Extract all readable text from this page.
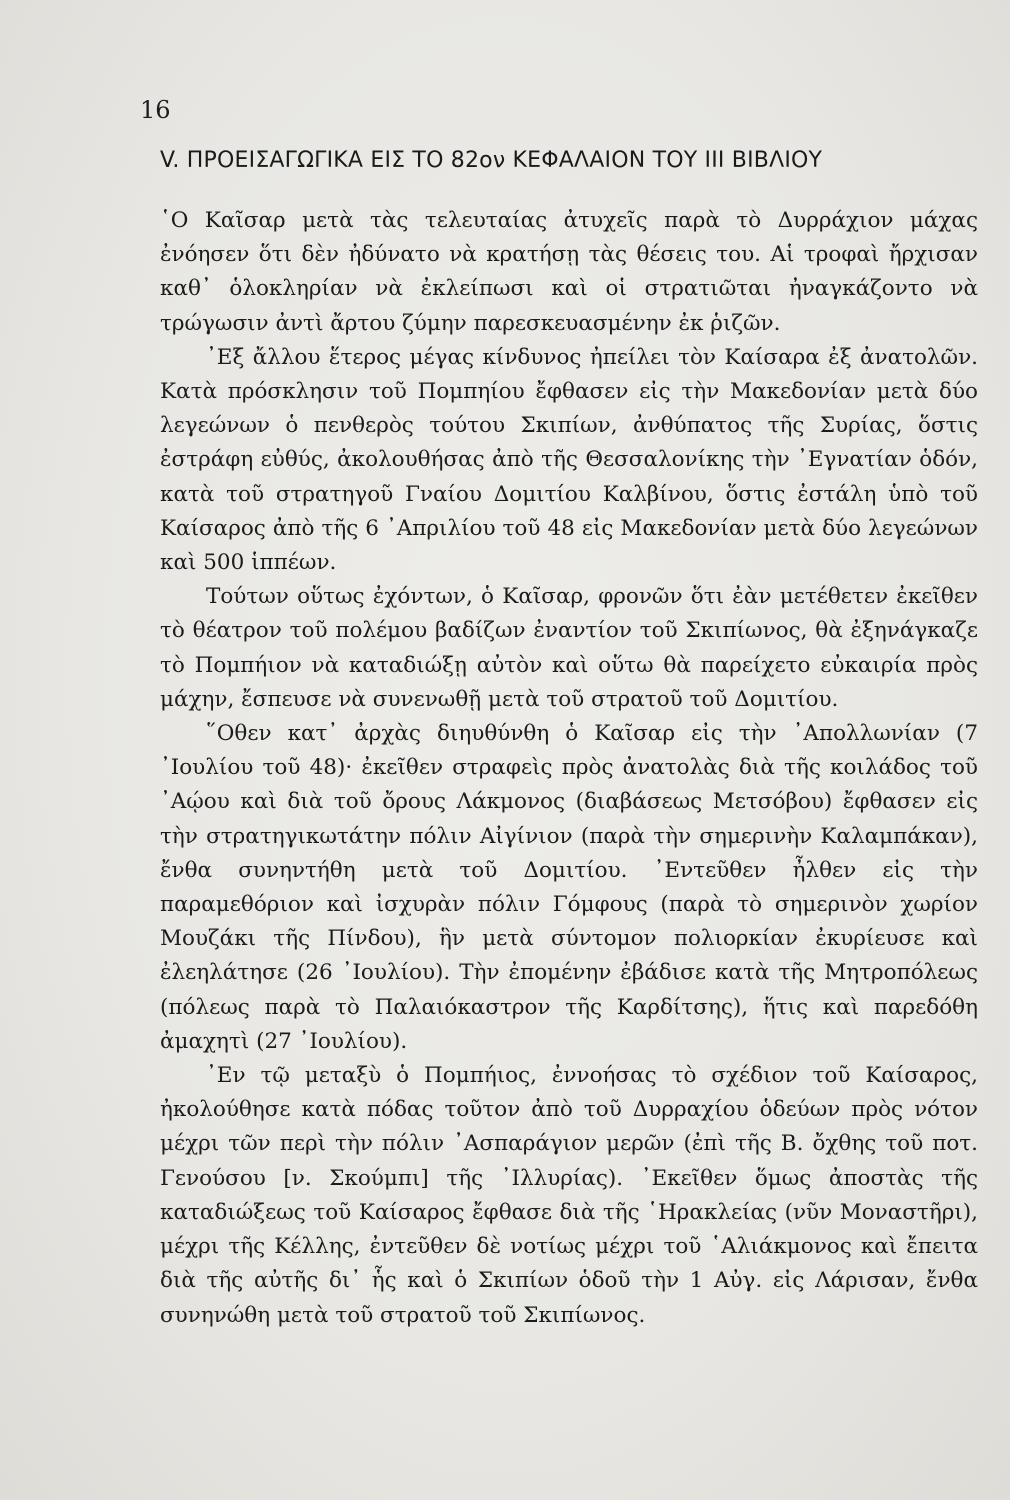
16
V. ΠΡΟΕΙΣΑΓΩΓΙΚΑ ΕΙΣ ΤΟ 82ον ΚΕΦΑΛΑΙΟΝ ΤΟΥ ΙΙΙ ΒΙΒΛΙΟΥ

῾Ο Καῖσαρ μετὰ τὰς τελευταίας ἀτυχεῖς παρὰ τὸ Δυρράχιον μάχας ἐνόησεν ὅτι δὲν ἠδύνατο νὰ κρατήσῃ τὰς θέσεις του. Αἱ τροφαὶ ἤρχισαν καθ᾿ ὁλοκληρίαν νὰ ἐκλείπωσι καὶ οἱ στρατιῶται ἠναγκάζοντο νὰ τρώγωσιν ἀντὶ ἄρτου ζύμην παρεσκευασμένην ἐκ ῥιζῶν.

᾿Εξ ἄλλου ἕτερος μέγας κίνδυνος ἠπείλει τὸν Καίσαρα ἐξ ἀνατολῶν. Κατὰ πρόσκλησιν τοῦ Πομπηίου ἔφθασεν εἰς τὴν Μακεδονίαν μετὰ δύο λεγεώνων ὁ πενθερὸς τούτου Σκιπίων, ἀνθύπατος τῆς Συρίας, ὅστις ἐστράφη εὐθύς, ἀκολουθήσας ἀπὸ τῆς Θεσσαλονίκης τὴν ᾿Εγνατίαν ὁδόν, κατὰ τοῦ στρατηγοῦ Γναίου Δομιτίου Καλβίνου, ὅστις ἐστάλη ὑπὸ τοῦ Καίσαρος ἀπὸ τῆς 6 ᾿Απριλίου τοῦ 48 εἰς Μακεδονίαν μετὰ δύο λεγεώνων καὶ 500 ἱππέων.

Τούτων οὕτως ἐχόντων, ὁ Καῖσαρ, φρονῶν ὅτι ἐὰν μετέθετεν ἐκεῖθεν τὸ θέατρον τοῦ πολέμου βαδίζων ἐναντίον τοῦ Σκιπίωνος, θὰ ἐξηνάγκαζε τὸ Πομπήιον νὰ καταδιώξῃ αὐτὸν καὶ οὕτω θὰ παρείχετο εὐκαιρία πρὸς μάχην, ἔσπευσε νὰ συνενωθῇ μετὰ τοῦ στρατοῦ τοῦ Δομιτίου.

῞Οθεν κατ᾿ ἀρχὰς διηυθύνθη ὁ Καῖσαρ εἰς τὴν ᾿Απολλωνίαν (7 ᾿Ιουλίου τοῦ 48)· ἐκεῖθεν στραφεὶς πρὸς ἀνατολὰς διὰ τῆς κοιλάδος τοῦ ᾿Αῴου καὶ διὰ τοῦ ὄρους Λάκμονος (διαβάσεως Μετσόβου) ἔφθασεν εἰς τὴν στρατηγικωτάτην πόλιν Αἰγίνιον (παρὰ τὴν σημερινὴν Καλαμπάκαν), ἔνθα συνηντήθη μετὰ τοῦ Δομιτίου. ᾿Εντεῦθεν ἦλθεν εἰς τὴν παραμεθόριον καὶ ἰσχυρὰν πόλιν Γόμφους (παρὰ τὸ σημερινὸν χωρίον Μουζάκι τῆς Πίνδου), ἣν μετὰ σύντομον πολιορκίαν ἐκυρίευσε καὶ ἐλεηλάτησε (26 ᾿Ιουλίου). Τὴν ἐπομένην ἐβάδισε κατὰ τῆς Μητροπόλεως (πόλεως παρὰ τὸ Παλαιόκαστρον τῆς Καρδίτσης), ἥτις καὶ παρεδόθη ἀμαχητὶ (27 ᾿Ιουλίου).

᾿Εν τῷ μεταξὺ ὁ Πομπήιος, ἐννοήσας τὸ σχέδιον τοῦ Καίσαρος, ἠκολούθησε κατὰ πόδας τοῦτον ἀπὸ τοῦ Δυρραχίου ὁδεύων πρὸς νότον μέχρι τῶν περὶ τὴν πόλιν ᾿Ασπαράγιον μερῶν (ἐπὶ τῆς Β. ὄχθης τοῦ ποτ. Γενούσου [ν. Σκούμπι] τῆς ᾿Ιλλυρίας). ᾿Εκεῖθεν ὅμως ἀποστὰς τῆς καταδιώξεως τοῦ Καίσαρος ἔφθασε διὰ τῆς ῾Ηρακλείας (νῦν Μοναστῆρι), μέχρι τῆς Κέλλης, ἐντεῦθεν δὲ νοτίως μέχρι τοῦ ῾Αλιάκμονος καὶ ἔπειτα διὰ τῆς αὐτῆς δι᾿ ἧς καὶ ὁ Σκιπίων ὁδοῦ τὴν 1 Αὐγ. εἰς Λάρισαν, ἔνθα συνηνώθη μετὰ τοῦ στρατοῦ τοῦ Σκιπίωνος.
